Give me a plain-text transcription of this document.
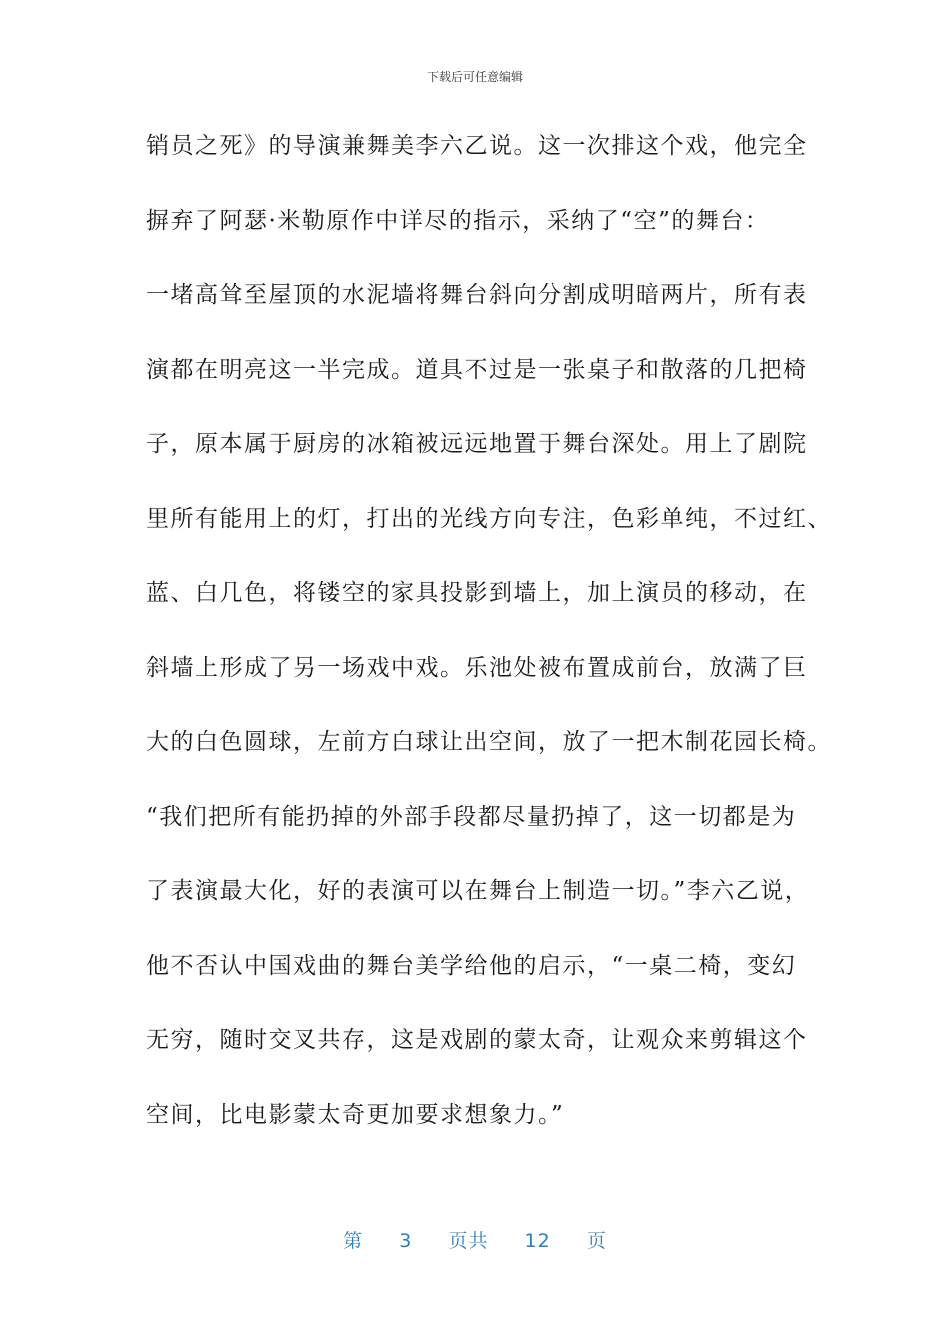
下载后可任意编辑
销员之死》的导演兼舞美李六乙说。这一次排这个戏，他完全
摒弃了阿瑟·米勒原作中详尽的指示，采纳了“空”的舞台：
一堵高耸至屋顶的水泥墙将舞台斜向分割成明暗两片，所有表
演都在明亮这一半完成。道具不过是一张桌子和散落的几把椅
子，原本属于厨房的冰箱被远远地置于舞台深处。用上了剧院
里所有能用上的灯，打出的光线方向专注，色彩单纯，不过红、
蓝、白几色，将镂空的家具投影到墙上，加上演员的移动，在
斜墙上形成了另一场戏中戏。乐池处被布置成前台，放满了巨
大的白色圆球，左前方白球让出空间，放了一把木制花园长椅。
“我们把所有能扔掉的外部手段都尽量扔掉了，这一切都是为
了表演最大化，好的表演可以在舞台上制造一切。”李六乙说，
他不否认中国戏曲的舞台美学给他的启示，“一桌二椅，变幻
无穷，随时交叉共存，这是戏剧的蒙太奇，让观众来剪辑这个
空间，比电影蒙太奇更加要求想象力。”
第 3 页共 12 页
